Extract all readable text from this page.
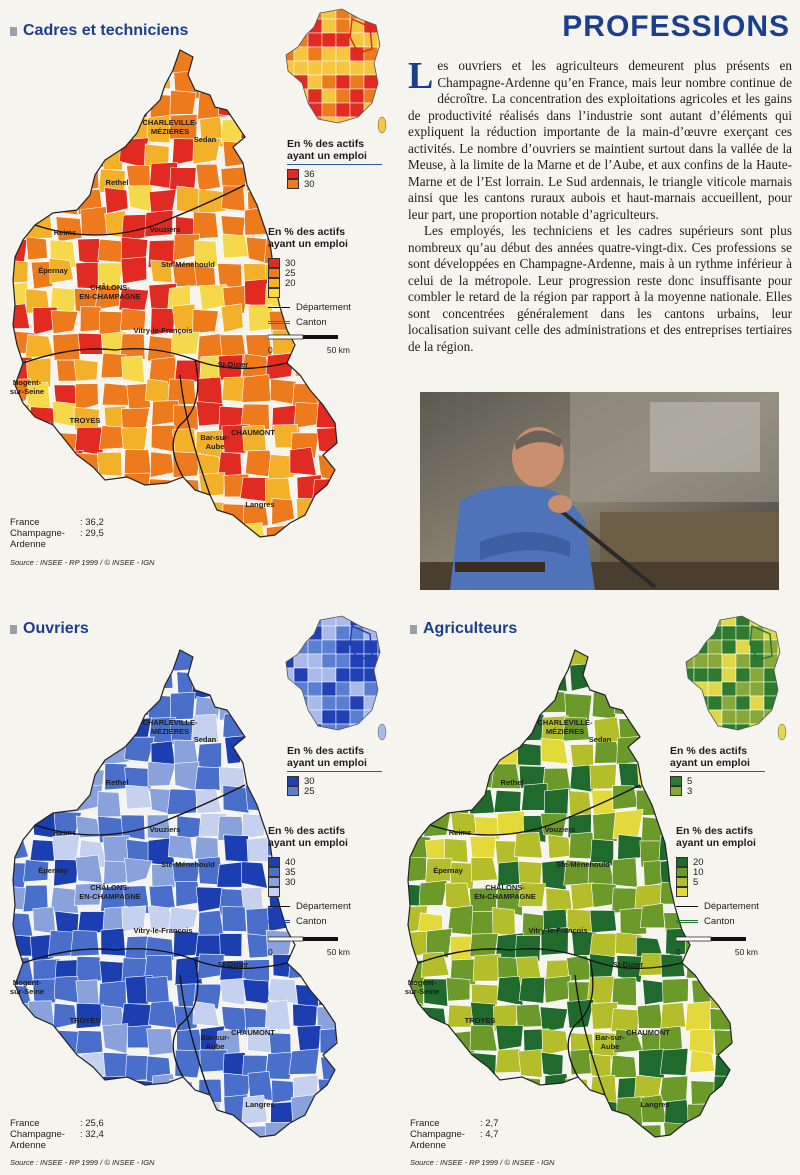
PROFESSIONS

Les ouvriers et les agriculteurs demeurent plus présents en Champagne-Ardenne qu’en France, mais leur nombre continue de décroître. La concentration des exploitations agricoles et les gains de productivité réalisés dans l’industrie sont autant d’éléments qui expliquent la réduction importante de la main-d’œuvre exerçant ces activités. Le nombre d’ouvriers se maintient surtout dans la vallée de la Meuse, à la limite de la Marne et de l’Aube, et aux confins de la Haute-Marne et de l’Est lorrain. Le Sud ardennais, le triangle viticole marnais ainsi que les cantons ruraux aubois et haut-marnais accueillent, pour leur part, une proportion notable d’agriculteurs.

Les employés, les techniciens et les cadres supérieurs sont plus nombreux qu’au début des années quatre-vingt-dix. Ces professions se sont développées en Champagne-Ardenne, mais à un rythme inférieur à celui de la métropole. Leur progression reste donc insuffisante pour combler le retard de la région par rapport à la moyenne nationale. Elles sont concentrées généralement dans les cantons urbains, leur localisation suivant celle des administrations et des entreprises tertiaires de la région.

Cadres et techniciens
CHARLEVILLE-
MÉZIÈRES
Sedan
Rethel
Vouziers
Reims
Épernay
Ste-Ménehould
CHÂLONS-
EN-CHAMPAGNE
Vitry-le-François
St-Dizier
Nogent-
sur-Seine
TROYES
Bar-sur-
Aube
CHAUMONT
Langres
En % des actifs
ayant un emploi
36
30
En % des actifs
ayant un emploi
30
25
20
Département
Canton
0	50 km
France	: 36,2
Champagne-Ardenne
: 29,5
Source : INSEE - RP 1999 / © INSEE - IGN
Ouvriers
CHARLEVILLE-
MÉZIÈRES
Sedan
Rethel
Vouziers
Reims
Épernay
Ste-Ménehould
CHÂLONS-
EN-CHAMPAGNE
Vitry-le-François
St-Dizier
Nogent-
sur-Seine
TROYES
Bar-sur-
Aube
CHAUMONT
Langres
En % des actifs
ayant un emploi
30
25
En % des actifs
ayant un emploi
40
35
30
Département
Canton
0	50 km
France	: 25,6
Champagne-Ardenne
: 32,4
Source : INSEE - RP 1999 / © INSEE - IGN
Agriculteurs
CHARLEVILLE-
MÉZIÈRES
Sedan
Rethel
Vouziers
Reims
Épernay
Ste-Ménehould
CHÂLONS-
EN-CHAMPAGNE
Vitry-le-François
St-Dizier
Nogent-
sur-Seine
TROYES
Bar-sur-
Aube
CHAUMONT
Langres
En % des actifs
ayant un emploi
5
3
En % des actifs
ayant un emploi
20
10
5
Département
Canton
0	50 km
France	: 2,7
Champagne-Ardenne
: 4,7
Source : INSEE - RP 1999 / © INSEE - IGN
